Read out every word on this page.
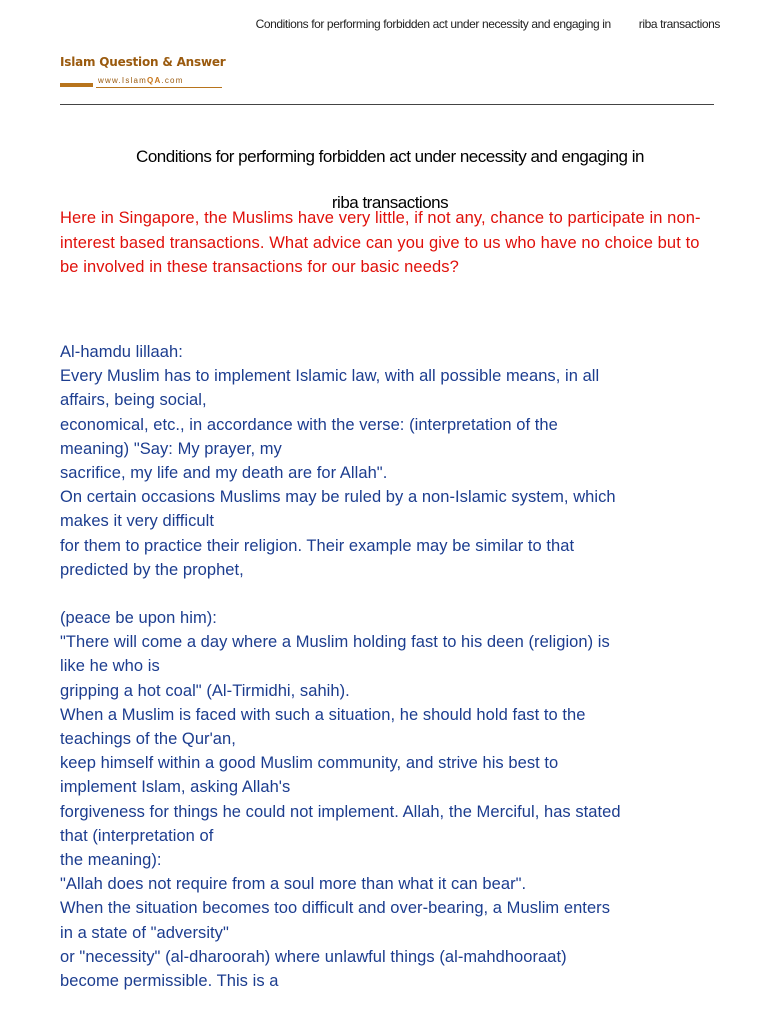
Conditions for performing forbidden act under necessity and engaging in riba transactions
Islam Question & Answer
www.IslamQA.com
Conditions for performing forbidden act under necessity and engaging in
riba transactions
Here in Singapore, the Muslims have very little, if not any, chance to participate in non-interest based transactions. What advice can you give to us who have no choice but to be involved in these transactions for our basic needs?
Al-hamdu lillaah:
Every Muslim has to implement Islamic law, with all possible means, in all
affairs, being social,
economical, etc., in accordance with the verse: (interpretation of the
meaning) "Say: My prayer, my
sacrifice, my life and my death are for Allah".
On certain occasions Muslims may be ruled by a non-Islamic system, which
makes it very difficult
for them to practice their religion. Their example may be similar to that
predicted by the prophet,
(peace be upon him):
"There will come a day where a Muslim holding fast to his deen (religion) is
like he who is
gripping a hot coal" (Al-Tirmidhi, sahih).
When a Muslim is faced with such a situation, he should hold fast to the
teachings of the Qur'an,
keep himself within a good Muslim community, and strive his best to
implement Islam, asking Allah's
forgiveness for things he could not implement. Allah, the Merciful, has stated
that (interpretation of
the meaning):
"Allah does not require from a soul more than what it can bear".
When the situation becomes too difficult and over-bearing, a Muslim enters
in a state of "adversity"
or "necessity" (al-dharoorah) where unlawful things (al-mahdhooraat)
become permissible. This is a
